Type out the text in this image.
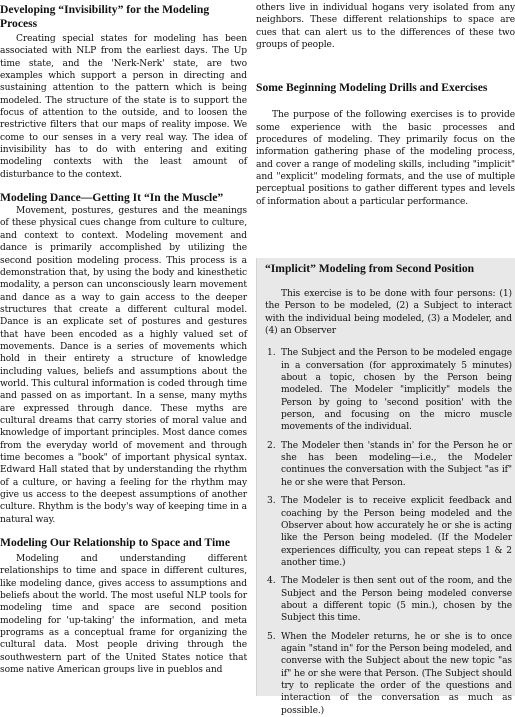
Developing “Invisibility” for the Modeling Process

Creating special states for modeling has been associated with NLP from the earliest days. The Up time state, and the 'Nerk-Nerk' state, are two examples which support a person in directing and sustaining attention to the pattern which is being modeled. The structure of the state is to support the focus of attention to the outside, and to loosen the restrictive filters that our maps of reality impose. We come to our senses in a very real way. The idea of invisibility has to do with entering and exiting modeling contexts with the least amount of disturbance to the context.

Modeling Dance—Getting It “In the Muscle”

Movement, postures, gestures and the meanings of these physical cues change from culture to culture, and context to context. Modeling movement and dance is primarily accomplished by utilizing the second position modeling process. This process is a demonstration that, by using the body and kinesthetic modality, a person can unconsciously learn movement and dance as a way to gain access to the deeper structures that create a different cultural model. Dance is an explicate set of postures and gestures that have been encoded as a highly valued set of movements. Dance is a series of movements which hold in their entirety a structure of knowledge including values, beliefs and assumptions about the world. This cultural information is coded through time and passed on as important. In a sense, many myths are expressed through dance. These myths are cultural dreams that carry stories of moral value and knowledge of important principles. Most dance comes from the everyday world of movement and through time becomes a "book" of important physical syntax. Edward Hall stated that by understanding the rhythm of a culture, or having a feeling for the rhythm may give us access to the deepest assumptions of another culture. Rhythm is the body's way of keeping time in a natural way.

Modeling Our Relationship to Space and Time

Modeling and understanding different relationships to time and space in different cultures, like modeling dance, gives access to assumptions and beliefs about the world. The most useful NLP tools for modeling time and space are second position modeling for 'up-taking' the information, and meta programs as a conceptual frame for organizing the cultural data. Most people driving through the southwestern part of the United States notice that some native American groups live in pueblos and

others live in individual hogans very isolated from any neighbors. These different relationships to space are cues that can alert us to the differences of these two groups of people.

Some Beginning Modeling Drills and Exercises

The purpose of the following exercises is to provide some experience with the basic processes and procedures of modeling. They primarily focus on the information gathering phase of the modeling process, and cover a range of modeling skills, including "implicit" and "explicit" modeling formats, and the use of multiple perceptual positions to gather different types and levels of information about a particular performance.

“Implicit” Modeling from Second Position

This exercise is to be done with four persons: (1) the Person to be modeled, (2) a Subject to interact with the individual being modeled, (3) a Modeler, and (4) an Observer

1. The Subject and the Person to be modeled engage in a conversation (for approximately 5 minutes) about a topic, chosen by the Person being modeled. The Modeler "implicitly" models the Person by going to 'second position' with the person, and focusing on the micro muscle movements of the individual.

2. The Modeler then 'stands in' for the Person he or she has been modeling—i.e., the Modeler continues the conversation with the Subject "as if" he or she were that Person.

3. The Modeler is to receive explicit feedback and coaching by the Person being modeled and the Observer about how accurately he or she is acting like the Person being modeled. (If the Modeler experiences difficulty, you can repeat steps 1 & 2 another time.)

4. The Modeler is then sent out of the room, and the Subject and the Person being modeled converse about a different topic (5 min.), chosen by the Subject this time.

5. When the Modeler returns, he or she is to once again "stand in" for the Person being modeled, and converse with the Subject about the new topic "as if" he or she were that Person. (The Subject should try to replicate the order of the questions and interaction of the conversation as much as possible.)
